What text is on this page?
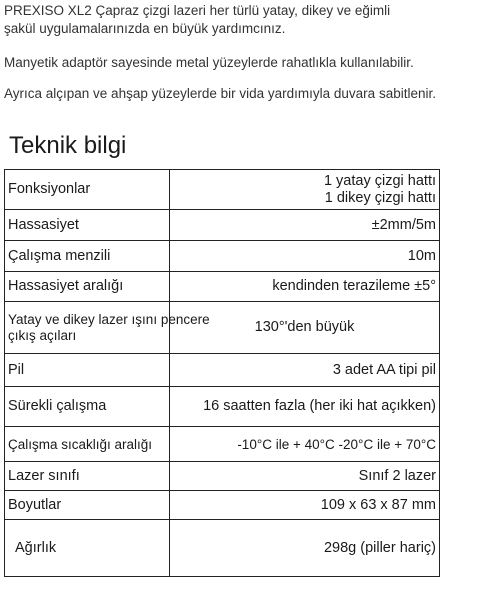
PREXISO XL2 Çapraz çizgi lazeri her türlü yatay, dikey ve eğimli
şakül uygulamalarınızda en büyük yardımcınız.
Manyetik adaptör sayesinde metal yüzeylerde rahatlıkla kullanılabilir.
Ayrıca alçıpan ve ahşap yüzeylerde bir vida yardımıyla duvara sabitlenir.
Teknik bilgi
Fonksiyonlar	1 yatay çizgi hattı
1 dikey çizgi hattı

Hassasiyet	±2mm/5m
Çalışma menzili	10m
Hassasiyet aralığı	kendinden terazileme ±5°

Yatay ve dikey lazer ışını pencere
çıkış açıları	130°'den büyük
Pil	3 adet AA tipi pil
Sürekli çalışma	16 saatten fazla (her iki hat açıkken)
Çalışma sıcaklığı aralığı	-10°C ile + 40°C -20°C ile + 70°C
Lazer sınıfı	Sınıf 2 lazer
Boyutlar	109 x 63 x 87 mm
Ağırlık	298g (piller hariç)
